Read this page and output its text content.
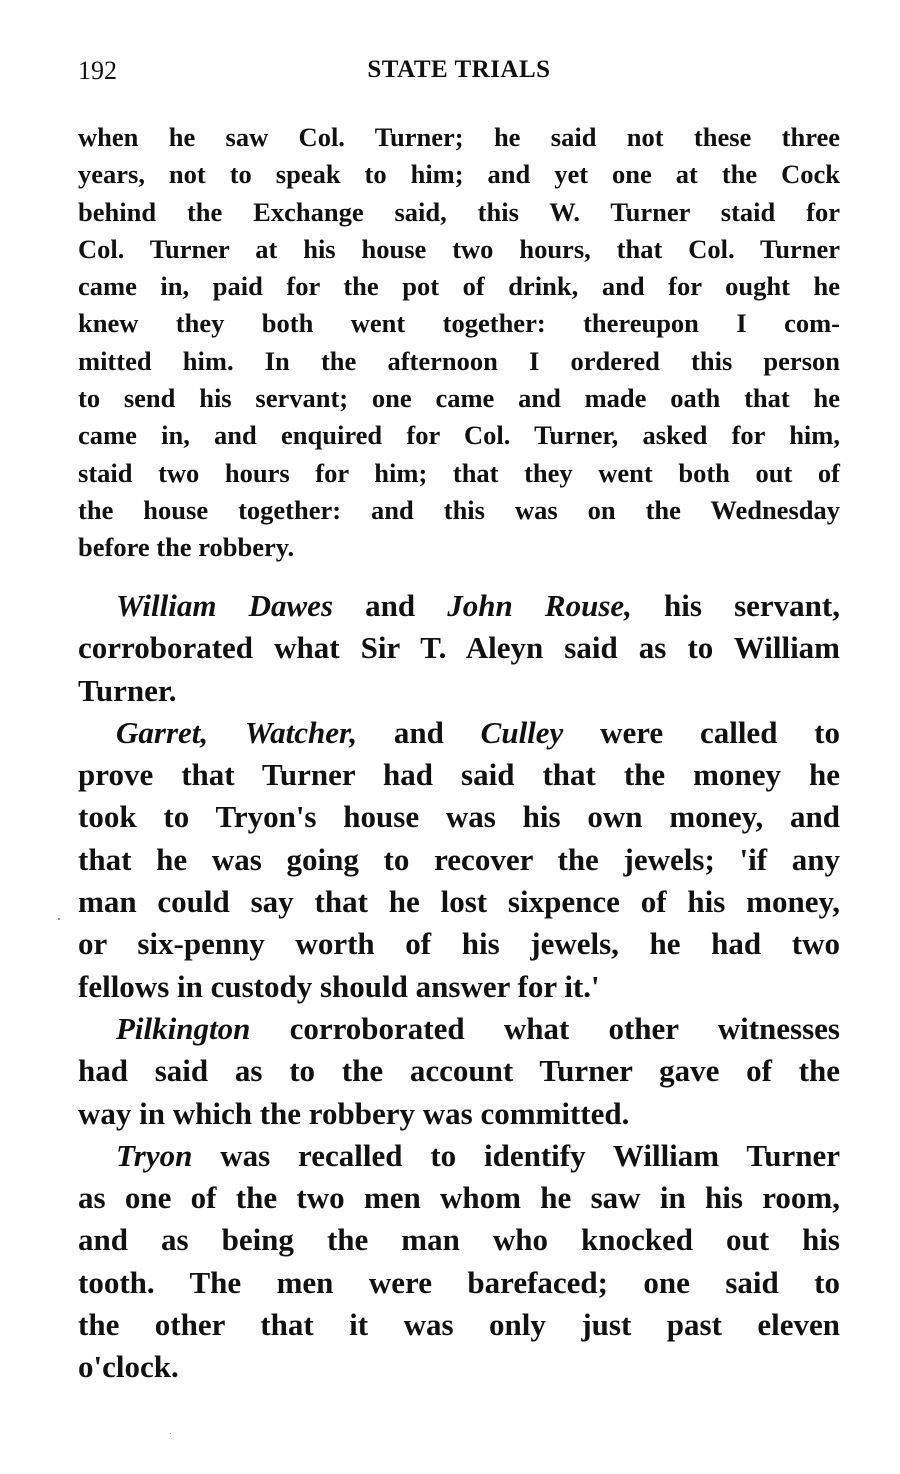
192	STATE TRIALS
when he saw Col. Turner; he said not these three
years, not to speak to him; and yet one at the Cock
behind the Exchange said, this W. Turner staid for
Col. Turner at his house two hours, that Col. Turner
came in, paid for the pot of drink, and for ought he
knew they both went together: thereupon I com-
mitted him. In the afternoon I ordered this person
to send his servant; one came and made oath that he
came in, and enquired for Col. Turner, asked for him,
staid two hours for him; that they went both out of
the house together: and this was on the Wednesday
before the robbery.
William Dawes and John Rouse, his servant,
corroborated what Sir T. Aleyn said as to William
Turner.
Garret, Watcher, and Culley were called to
prove that Turner had said that the money he
took to Tryon's house was his own money, and
that he was going to recover the jewels; 'if any
man could say that he lost sixpence of his money,
or six-penny worth of his jewels, he had two
fellows in custody should answer for it.'
Pilkington corroborated what other witnesses
had said as to the account Turner gave of the
way in which the robbery was committed.
Tryon was recalled to identify William Turner
as one of the two men whom he saw in his room,
and as being the man who knocked out his
tooth. The men were barefaced; one said to
the other that it was only just past eleven
o'clock.
